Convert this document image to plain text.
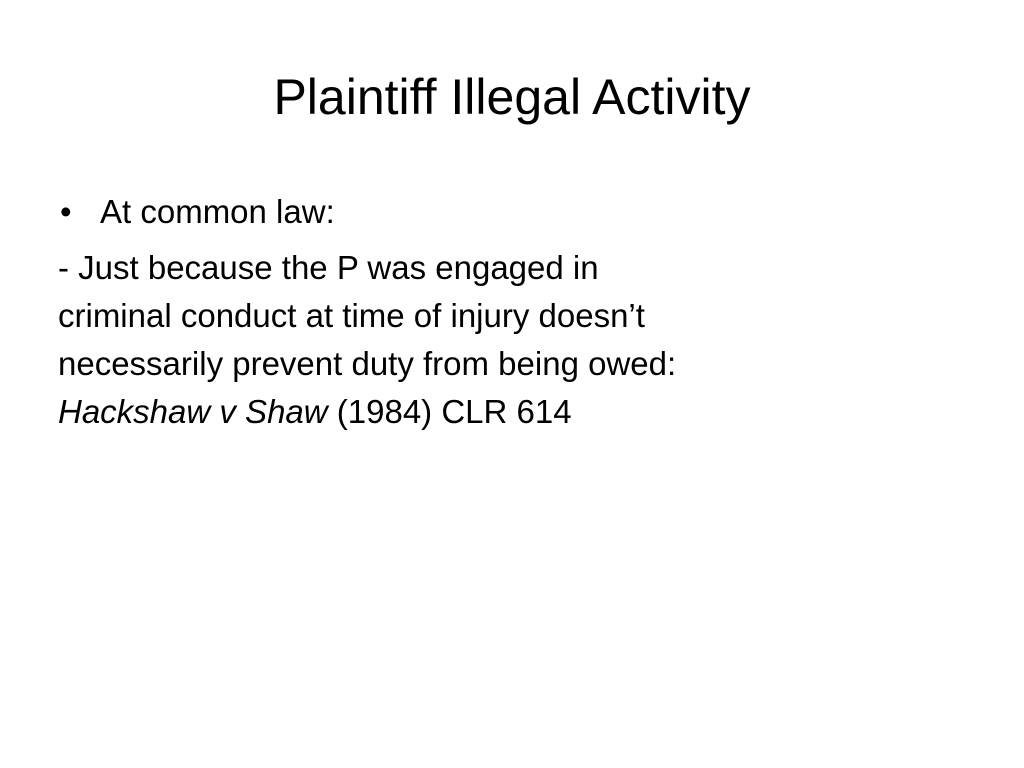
Plaintiff Illegal Activity
• At common law:

- Just because the P was engaged in
criminal conduct at time of injury doesn’t
necessarily prevent duty from being owed:
Hackshaw v Shaw (1984) CLR 614
